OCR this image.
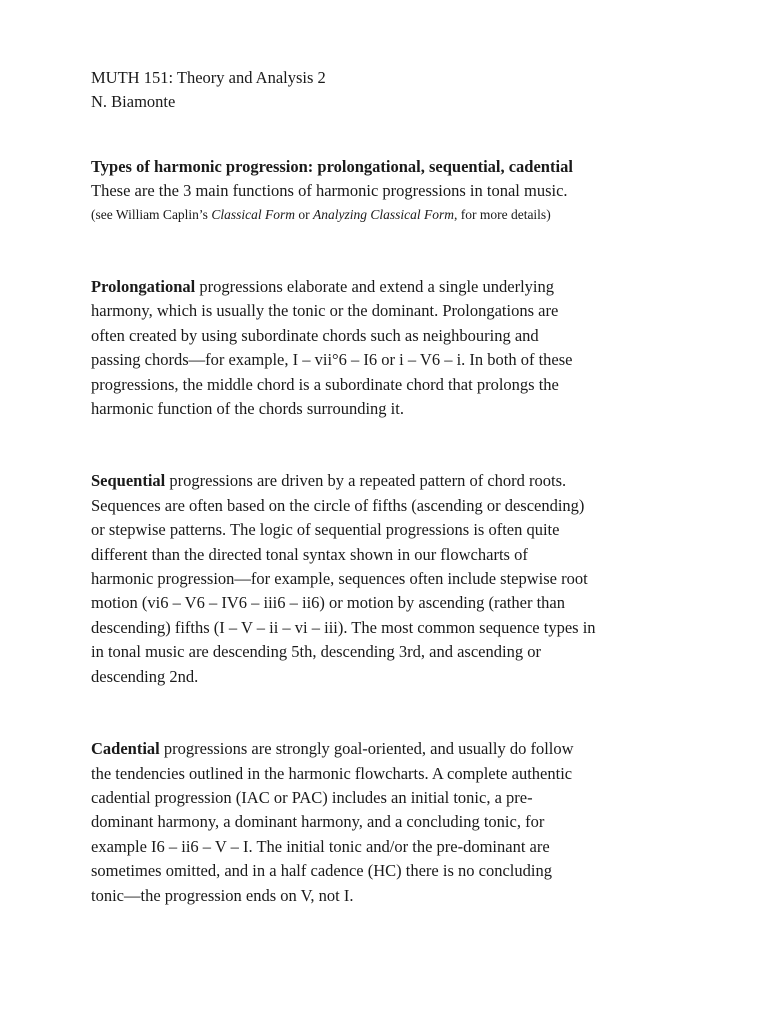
MUTH 151: Theory and Analysis 2
N. Biamonte
Types of harmonic progression: prolongational, sequential, cadential

These are the 3 main functions of harmonic progressions in tonal music.

(see William Caplin’s Classical Form or Analyzing Classical Form, for more details)

Prolongational progressions elaborate and extend a single underlying

harmony, which is usually the tonic or the dominant. Prolongations are

often created by using subordinate chords such as neighbouring and

passing chords—for example, I – vii°6 – I6 or i – V6 – i. In both of these

progressions, the middle chord is a subordinate chord that prolongs the

harmonic function of the chords surrounding it.

Sequential progressions are driven by a repeated pattern of chord roots.

Sequences are often based on the circle of fifths (ascending or descending)

or stepwise patterns. The logic of sequential progressions is often quite

different than the directed tonal syntax shown in our flowcharts of

harmonic progression—for example, sequences often include stepwise root

motion (vi6 – V6 – IV6 – iii6 – ii6) or motion by ascending (rather than

descending) fifths (I – V – ii – vi – iii). The most common sequence types in

in tonal music are descending 5th, descending 3rd, and ascending or

descending 2nd.

Cadential progressions are strongly goal-oriented, and usually do follow

the tendencies outlined in the harmonic flowcharts. A complete authentic

cadential progression (IAC or PAC) includes an initial tonic, a pre-

dominant harmony, a dominant harmony, and a concluding tonic, for

example I6 – ii6 – V – I. The initial tonic and/or the pre-dominant are

sometimes omitted, and in a half cadence (HC) there is no concluding

tonic—the progression ends on V, not I.
